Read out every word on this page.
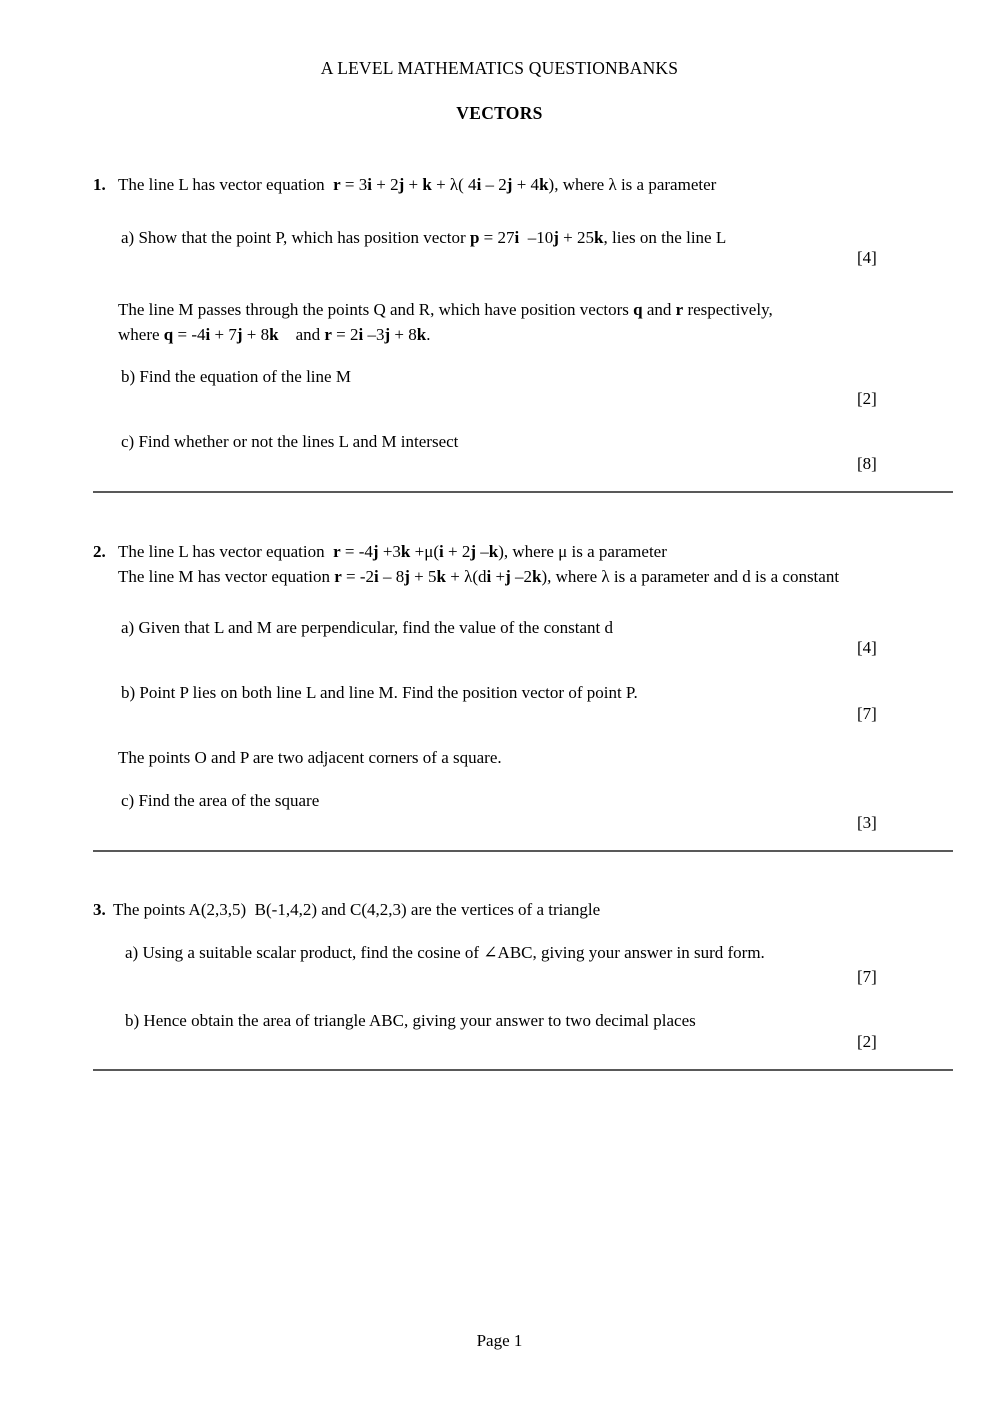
A LEVEL MATHEMATICS QUESTIONBANKS
VECTORS
1. The line L has vector equation  r = 3i + 2j + k + λ( 4i – 2j + 4k), where λ is a parameter
a) Show that the point P, which has position vector p = 27i  –10j + 25k, lies on the line L
[4]
The line M passes through the points Q and R, which have position vectors q and r respectively,
where q = -4i + 7j + 8k    and r = 2i –3j + 8k.
b) Find the equation of the line M
[2]
c) Find whether or not the lines L and M intersect
[8]
2. The line L has vector equation  r = -4j +3k +μ(i + 2j –k), where μ is a parameter
The line M has vector equation r = -2i – 8j + 5k + λ(di +j –2k), where λ is a parameter and d is a constant
a) Given that L and M are perpendicular, find the value of the constant d
[4]
b) Point P lies on both line L and line M. Find the position vector of point P.
[7]
The points O and P are two adjacent corners of a square.
c) Find the area of the square
[3]
3. The points A(2,3,5)  B(-1,4,2) and C(4,2,3) are the vertices of a triangle
a) Using a suitable scalar product, find the cosine of ∠ABC, giving your answer in surd form.
[7]
b) Hence obtain the area of triangle ABC, giving your answer to two decimal places
[2]
Page 1
